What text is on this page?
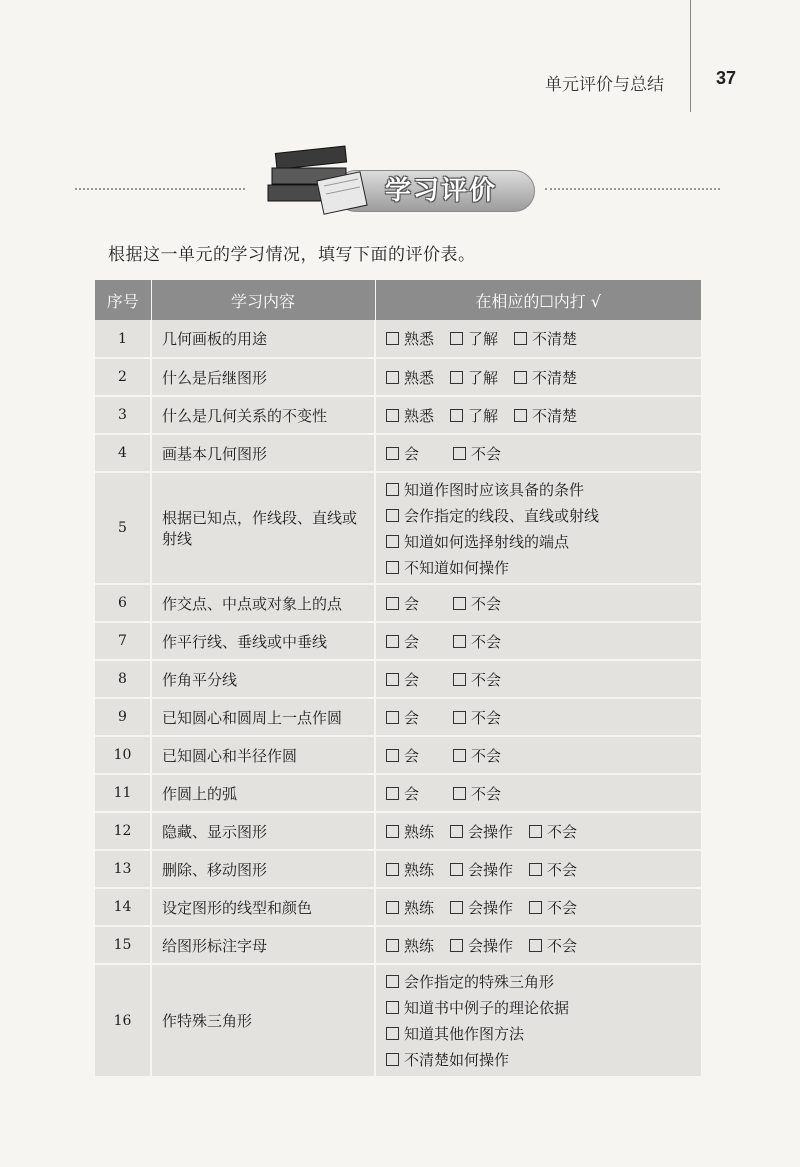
单元评价与总结	37
学习评价
根据这一单元的学习情况，填写下面的评价表。
序号	学习内容	在相应的☐内打 √
1	几何画板的用途	熟悉 了解 不清楚

2	什么是后继图形	熟悉 了解 不清楚

3	什么是几何关系的不变性	熟悉 了解 不清楚

4	画基本几何图形	会 不会

5	根据已知点，作线段、直线或射线	知道作图时应该具备的条件
会作指定的线段、直线或射线
知道如何选择射线的端点
不知道如何操作

6	作交点、中点或对象上的点	会 不会

7	作平行线、垂线或中垂线	会 不会

8	作角平分线	会 不会

9	已知圆心和圆周上一点作圆	会 不会

10	已知圆心和半径作圆	会 不会

11	作圆上的弧	会 不会

12	隐藏、显示图形	熟练 会操作 不会

13	删除、移动图形	熟练 会操作 不会

14	设定图形的线型和颜色	熟练 会操作 不会

15	给图形标注字母	熟练 会操作 不会

16	作特殊三角形	会作指定的特殊三角形
知道书中例子的理论依据
知道其他作图方法
不清楚如何操作
